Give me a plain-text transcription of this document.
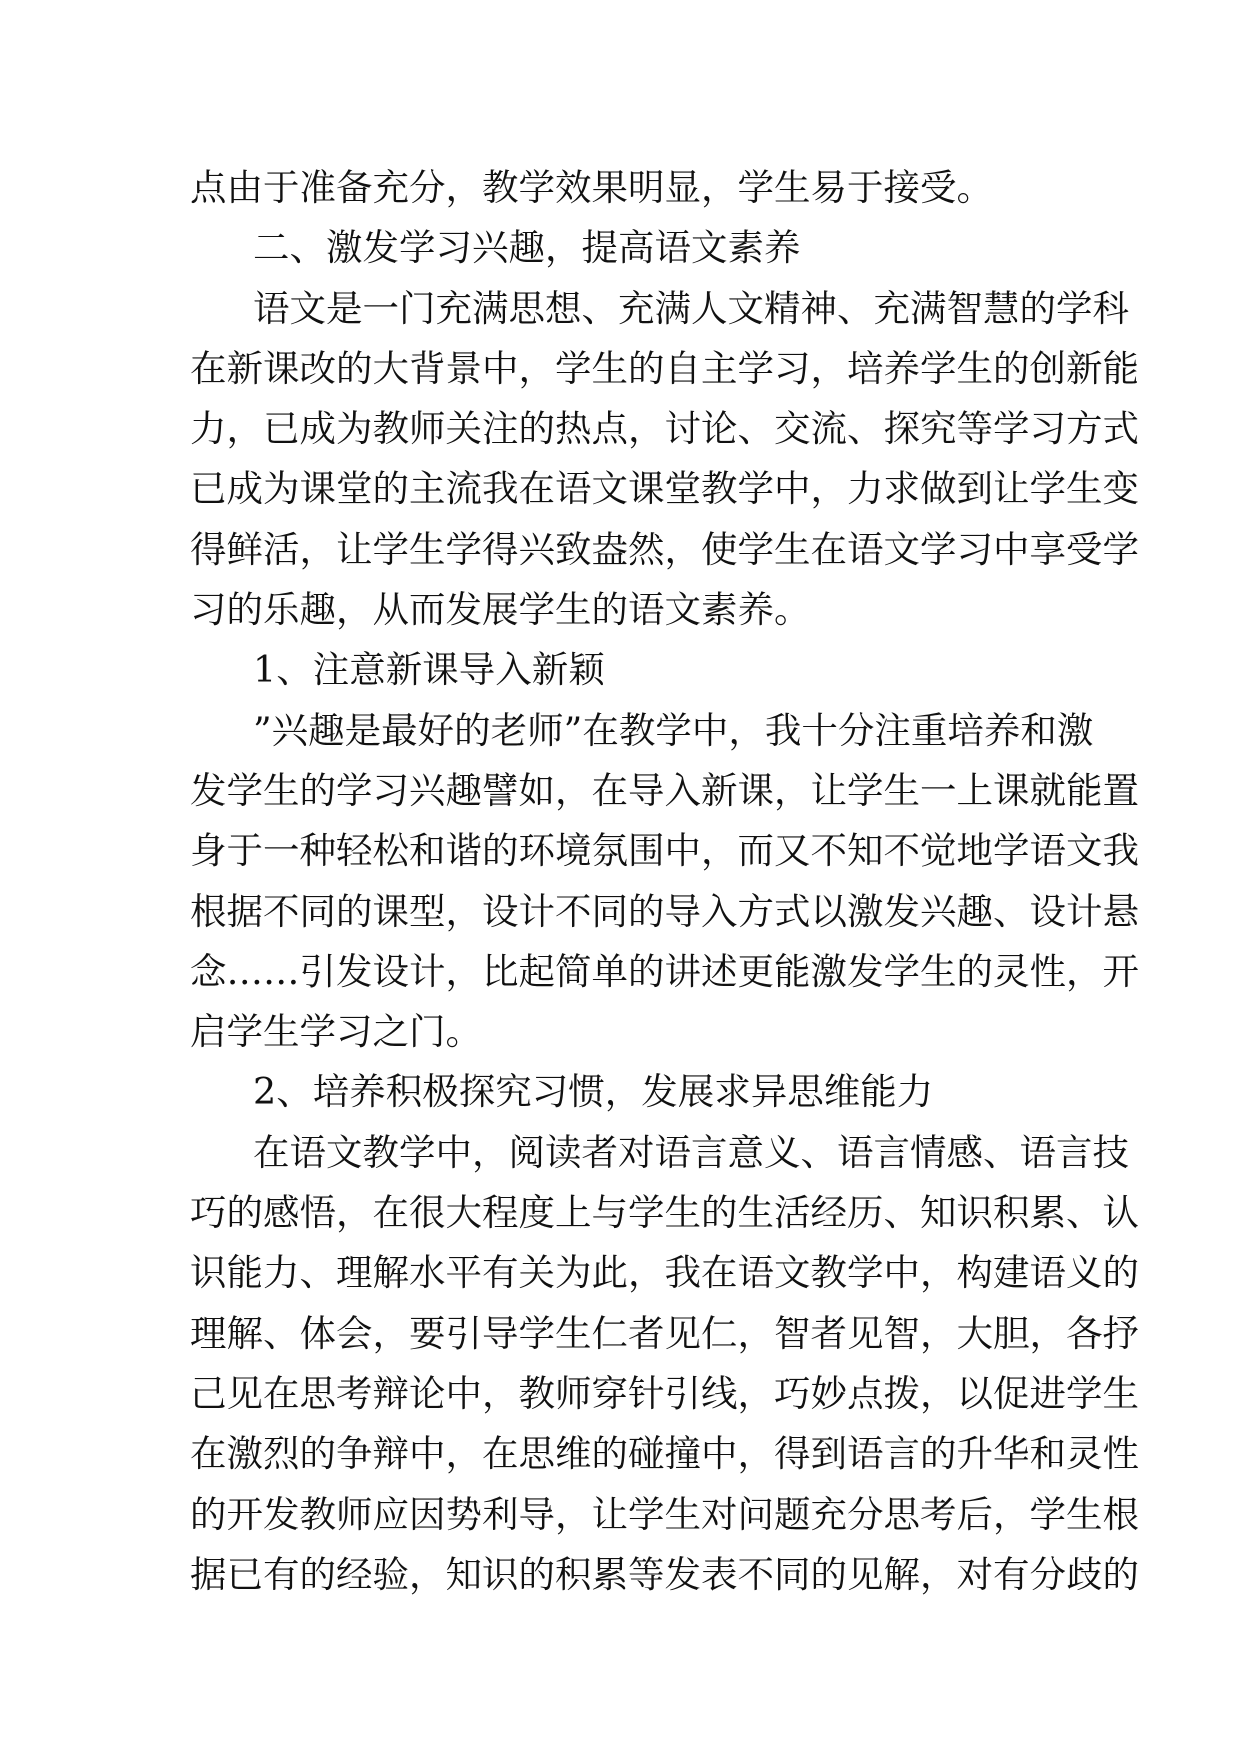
点由于准备充分，教学效果明显，学生易于接受。
二、激发学习兴趣，提高语文素养
语文是一门充满思想、充满人文精神、充满智慧的学科
在新课改的大背景中，学生的自主学习，培养学生的创新能
力，已成为教师关注的热点，讨论、交流、探究等学习方式
已成为课堂的主流我在语文课堂教学中，力求做到让学生变
得鲜活，让学生学得兴致盎然，使学生在语文学习中享受学
习的乐趣，从而发展学生的语文素养。
1、注意新课导入新颖
”兴趣是最好的老师”在教学中，我十分注重培养和激
发学生的学习兴趣譬如，在导入新课，让学生一上课就能置
身于一种轻松和谐的环境氛围中，而又不知不觉地学语文我
根据不同的课型，设计不同的导入方式以激发兴趣、设计悬
念……引发设计，比起简单的讲述更能激发学生的灵性，开
启学生学习之门。
2、培养积极探究习惯，发展求异思维能力
在语文教学中，阅读者对语言意义、语言情感、语言技
巧的感悟，在很大程度上与学生的生活经历、知识积累、认
识能力、理解水平有关为此，我在语文教学中，构建语义的
理解、体会，要引导学生仁者见仁，智者见智，大胆，各抒
己见在思考辩论中，教师穿针引线，巧妙点拨，以促进学生
在激烈的争辩中，在思维的碰撞中，得到语言的升华和灵性
的开发教师应因势利导，让学生对问题充分思考后，学生根
据已有的经验，知识的积累等发表不同的见解，对有分歧的
